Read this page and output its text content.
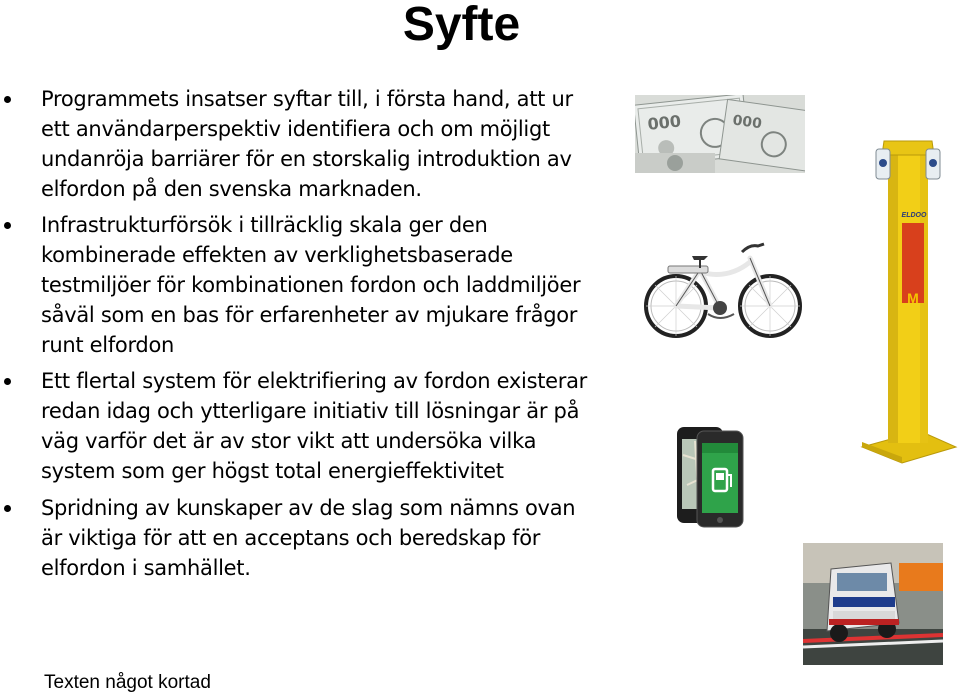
Syfte
Programmets insatser syftar till, i första hand, att ur ett användarperspektiv identifiera och om möjligt undanröja barriärer för en storskalig introduktion av elfordon på den svenska marknaden.
Infrastrukturförsök i tillräcklig skala ger den kombinerade effekten av verklighetsbaserade testmiljöer för kombinationen fordon och laddmiljöer såväl som en bas för erfarenheter av mjukare frågor runt elfordon
Ett flertal system för elektrifiering av fordon existerar redan idag och ytterligare initiativ till lösningar är på väg varför det är av stor vikt att undersöka vilka system som ger högst total energieffektivitet
Spridning av kunskaper av de slag som nämns ovan är viktiga för att en acceptans och beredskap för elfordon i samhället.
Texten något kortad
000	000
M
ELDOO
